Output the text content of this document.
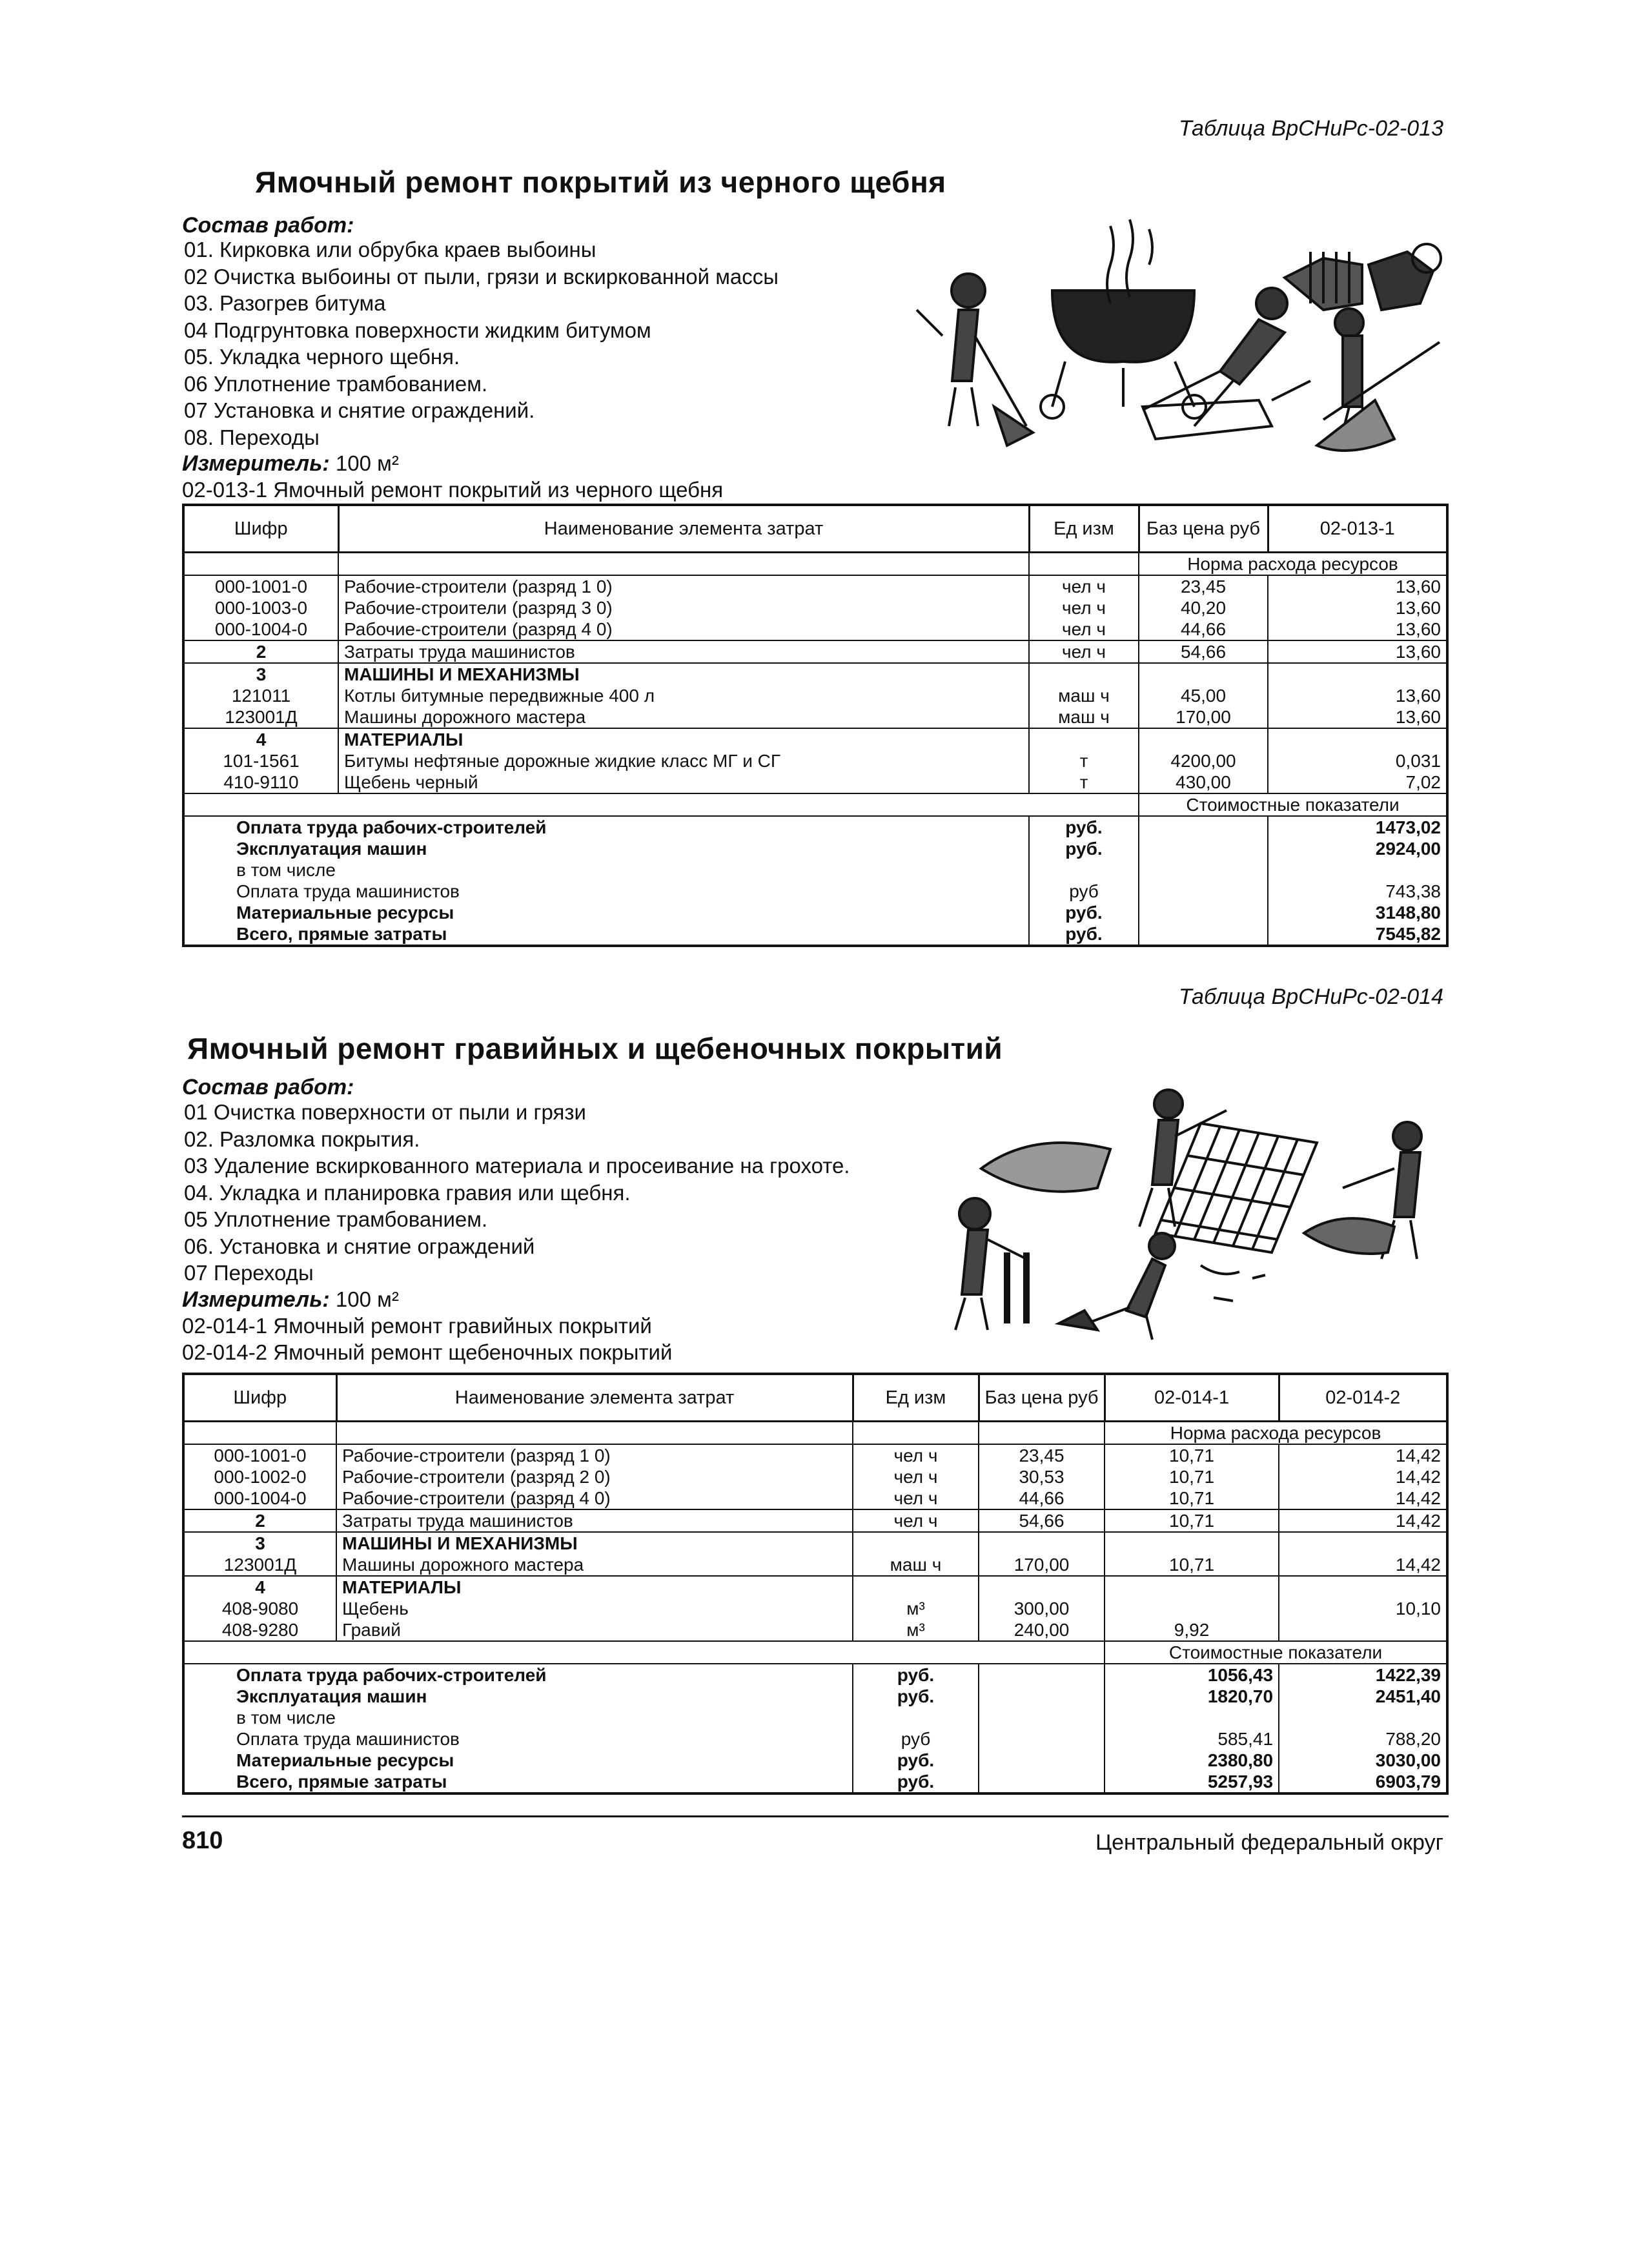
Таблица ВрСНиРс-02-013
Ямочный ремонт покрытий из черного щебня
Состав работ:
01. Кирковка или обрубка краев выбоины
02 Очистка выбоины от пыли, грязи и вскиркованной массы
03. Разогрев битума
04 Подгрунтовка поверхности жидким битумом
05. Укладка черного щебня.
06 Уплотнение трамбованием.
07 Установка и снятие ограждений.
08. Переходы
Измеритель: 100 м²
02-013-1 Ямочный ремонт покрытий из черного щебня
Шифр	Наименование элемента затрат	Ед изм	Баз цена руб	02-013-1
			Норма расхода ресурсов	
000-1001-0	Рабочие-строители (разряд 1 0)	чел ч	23,45	13,60
000-1003-0	Рабочие-строители (разряд 3 0)	чел ч	40,20	13,60
000-1004-0	Рабочие-строители (разряд 4 0)	чел ч	44,66	13,60
2	Затраты труда машинистов	чел ч	54,66	13,60
3	МАШИНЫ И МЕХАНИЗМЫ			
121011	Котлы битумные передвижные 400 л	маш ч	45,00	13,60
123001Д	Машины дорожного мастера	маш ч	170,00	13,60
4	МАТЕРИАЛЫ			
101-1561	Битумы нефтяные дорожные жидкие класс МГ и СГ	т	4200,00	0,031
410-9110	Щебень черный	т	430,00	7,02
			Стоимостные показатели	
Оплата труда рабочих-строителей		руб.		1473,02
Эксплуатация машин		руб.		2924,00
в том числе				
Оплата труда машинистов		руб		743,38
Материальные ресурсы		руб.		3148,80
Всего, прямые затраты		руб.		7545,82
Таблица ВрСНиРс-02-014
Ямочный ремонт гравийных и щебеночных покрытий
Состав работ:
01 Очистка поверхности от пыли и грязи
02. Разломка покрытия.
03 Удаление вскиркованного материала и просеивание на грохоте.
04. Укладка и планировка гравия или щебня.
05 Уплотнение трамбованием.
06. Установка и снятие ограждений
07 Переходы
Измеритель: 100 м²
02-014-1 Ямочный ремонт гравийных покрытий
02-014-2 Ямочный ремонт щебеночных покрытий
Шифр	Наименование элемента затрат	Ед изм	Баз цена руб	02-014-1	02-014-2
				Норма расхода ресурсов	
000-1001-0	Рабочие-строители (разряд 1 0)	чел ч	23,45	10,71	14,42
000-1002-0	Рабочие-строители (разряд 2 0)	чел ч	30,53	10,71	14,42
000-1004-0	Рабочие-строители (разряд 4 0)	чел ч	44,66	10,71	14,42
2	Затраты труда машинистов	чел ч	54,66	10,71	14,42
3	МАШИНЫ И МЕХАНИЗМЫ				
123001Д	Машины дорожного мастера	маш ч	170,00	10,71	14,42
4	МАТЕРИАЛЫ				
408-9080	Щебень	м³	300,00		10,10
408-9280	Гравий	м³	240,00	9,92	
				Стоимостные показатели	
Оплата труда рабочих-строителей		руб.		1056,43	1422,39
Эксплуатация машин		руб.		1820,70	2451,40
в том числе					
Оплата труда машинистов		руб		585,41	788,20
Материальные ресурсы		руб.		2380,80	3030,00
Всего, прямые затраты		руб.		5257,93	6903,79
810	Центральный федеральный округ
